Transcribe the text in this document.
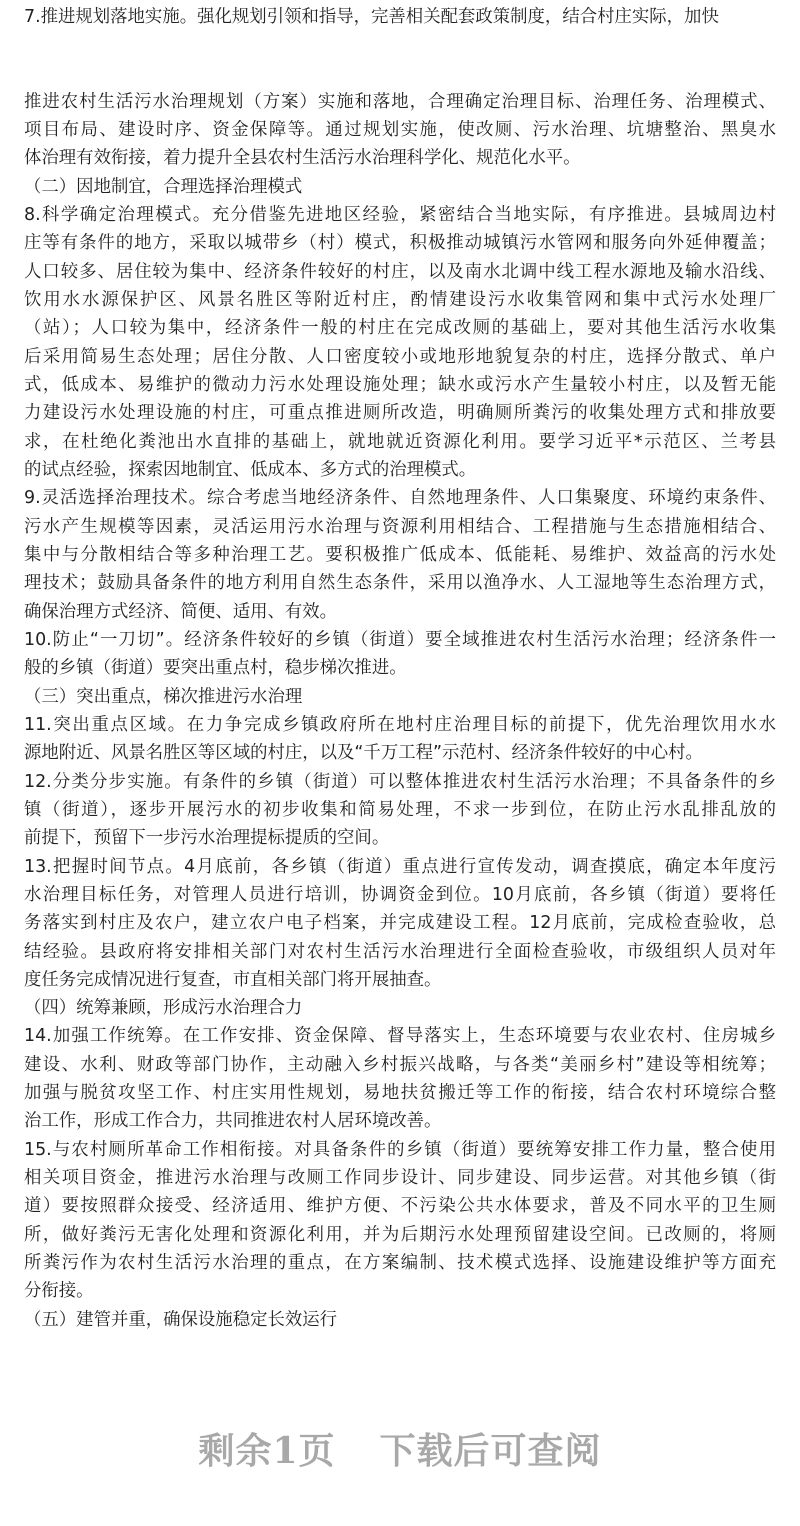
7.推进规划落地实施。强化规划引领和指导，完善相关配套政策制度，结合村庄实际，加快
推进农村生活污水治理规划（方案）实施和落地，合理确定治理目标、治理任务、治理模式、
项目布局、建设时序、资金保障等。通过规划实施，使改厕、污水治理、坑塘整治、黑臭水
体治理有效衔接，着力提升全县农村生活污水治理科学化、规范化水平。
（二）因地制宜，合理选择治理模式
8.科学确定治理模式。充分借鉴先进地区经验，紧密结合当地实际，有序推进。县城周边村
庄等有条件的地方，采取以城带乡（村）模式，积极推动城镇污水管网和服务向外延伸覆盖；
人口较多、居住较为集中、经济条件较好的村庄，以及南水北调中线工程水源地及输水沿线、
饮用水水源保护区、风景名胜区等附近村庄，酌情建设污水收集管网和集中式污水处理厂
（站）；人口较为集中，经济条件一般的村庄在完成改厕的基础上，要对其他生活污水收集
后采用简易生态处理；居住分散、人口密度较小或地形地貌复杂的村庄，选择分散式、单户
式，低成本、易维护的微动力污水处理设施处理；缺水或污水产生量较小村庄，以及暂无能
力建设污水处理设施的村庄，可重点推进厕所改造，明确厕所粪污的收集处理方式和排放要
求，在杜绝化粪池出水直排的基础上，就地就近资源化利用。要学习近平*示范区、兰考县
的试点经验，探索因地制宜、低成本、多方式的治理模式。
9.灵活选择治理技术。综合考虑当地经济条件、自然地理条件、人口集聚度、环境约束条件、
污水产生规模等因素，灵活运用污水治理与资源利用相结合、工程措施与生态措施相结合、
集中与分散相结合等多种治理工艺。要积极推广低成本、低能耗、易维护、效益高的污水处
理技术；鼓励具备条件的地方利用自然生态条件，采用以渔净水、人工湿地等生态治理方式，
确保治理方式经济、简便、适用、有效。
10.防止“一刀切”。经济条件较好的乡镇（街道）要全域推进农村生活污水治理；经济条件一
般的乡镇（街道）要突出重点村，稳步梯次推进。
（三）突出重点，梯次推进污水治理
11.突出重点区域。在力争完成乡镇政府所在地村庄治理目标的前提下，优先治理饮用水水
源地附近、风景名胜区等区域的村庄，以及“千万工程”示范村、经济条件较好的中心村。
12.分类分步实施。有条件的乡镇（街道）可以整体推进农村生活污水治理；不具备条件的乡
镇（街道），逐步开展污水的初步收集和简易处理，不求一步到位，在防止污水乱排乱放的
前提下，预留下一步污水治理提标提质的空间。
13.把握时间节点。4月底前，各乡镇（街道）重点进行宣传发动，调查摸底，确定本年度污
水治理目标任务，对管理人员进行培训，协调资金到位。10月底前，各乡镇（街道）要将任
务落实到村庄及农户，建立农户电子档案，并完成建设工程。12月底前，完成检查验收，总
结经验。县政府将安排相关部门对农村生活污水治理进行全面检查验收，市级组织人员对年
度任务完成情况进行复查，市直相关部门将开展抽查。
（四）统筹兼顾，形成污水治理合力
14.加强工作统筹。在工作安排、资金保障、督导落实上，生态环境要与农业农村、住房城乡
建设、水利、财政等部门协作，主动融入乡村振兴战略，与各类“美丽乡村”建设等相统筹；
加强与脱贫攻坚工作、村庄实用性规划，易地扶贫搬迁等工作的衔接，结合农村环境综合整
治工作，形成工作合力，共同推进农村人居环境改善。
15.与农村厕所革命工作相衔接。对具备条件的乡镇（街道）要统筹安排工作力量，整合使用
相关项目资金，推进污水治理与改厕工作同步设计、同步建设、同步运营。对其他乡镇（街
道）要按照群众接受、经济适用、维护方便、不污染公共水体要求，普及不同水平的卫生厕
所，做好粪污无害化处理和资源化利用，并为后期污水处理预留建设空间。已改厕的，将厕
所粪污作为农村生活污水治理的重点，在方案编制、技术模式选择、设施建设维护等方面充
分衔接。
（五）建管并重，确保设施稳定长效运行
剩余1页 下载后可查阅
